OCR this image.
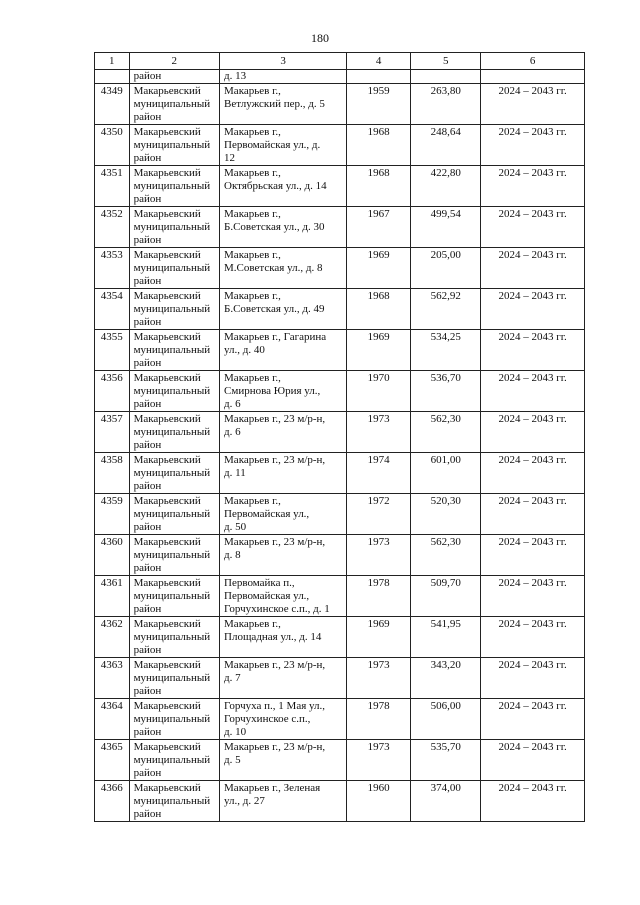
180
1	2	3	4	5	6
	район	д. 13			

4349	Макарьевский
муниципальный
район	Макарьев г.,
Ветлужский пер., д. 5	1959	263,80	2024 – 2043 гг.
4350	Макарьевский
муниципальный
район	Макарьев г.,
Первомайская ул., д.
12	1968	248,64	2024 – 2043 гг.
4351	Макарьевский
муниципальный
район	Макарьев г.,
Октябрьская ул., д. 14	1968	422,80	2024 – 2043 гг.
4352	Макарьевский
муниципальный
район	Макарьев г.,
Б.Советская ул., д. 30	1967	499,54	2024 – 2043 гг.
4353	Макарьевский
муниципальный
район	Макарьев г.,
М.Советская ул., д. 8	1969	205,00	2024 – 2043 гг.
4354	Макарьевский
муниципальный
район	Макарьев г.,
Б.Советская ул., д. 49	1968	562,92	2024 – 2043 гг.
4355	Макарьевский
муниципальный
район	Макарьев г., Гагарина
ул., д. 40	1969	534,25	2024 – 2043 гг.
4356	Макарьевский
муниципальный
район	Макарьев г.,
Смирнова Юрия ул.,
д. 6	1970	536,70	2024 – 2043 гг.
4357	Макарьевский
муниципальный
район	Макарьев г., 23 м/р-н,
д. 6	1973	562,30	2024 – 2043 гг.
4358	Макарьевский
муниципальный
район	Макарьев г., 23 м/р-н,
д. 11	1974	601,00	2024 – 2043 гг.
4359	Макарьевский
муниципальный
район	Макарьев г.,
Первомайская ул.,
д. 50	1972	520,30	2024 – 2043 гг.
4360	Макарьевский
муниципальный
район	Макарьев г., 23 м/р-н,
д. 8	1973	562,30	2024 – 2043 гг.
4361	Макарьевский
муниципальный
район	Первомайка п.,
Первомайская ул.,
Горчухинское с.п., д. 1	1978	509,70	2024 – 2043 гг.
4362	Макарьевский
муниципальный
район	Макарьев г.,
Площадная ул., д. 14	1969	541,95	2024 – 2043 гг.
4363	Макарьевский
муниципальный
район	Макарьев г., 23 м/р-н,
д. 7	1973	343,20	2024 – 2043 гг.
4364	Макарьевский
муниципальный
район	Горчуха п., 1 Мая ул.,
Горчухинское с.п.,
д. 10	1978	506,00	2024 – 2043 гг.
4365	Макарьевский
муниципальный
район	Макарьев г., 23 м/р-н,
д. 5	1973	535,70	2024 – 2043 гг.
4366	Макарьевский
муниципальный
район	Макарьев г., Зеленая
ул., д. 27	1960	374,00	2024 – 2043 гг.
